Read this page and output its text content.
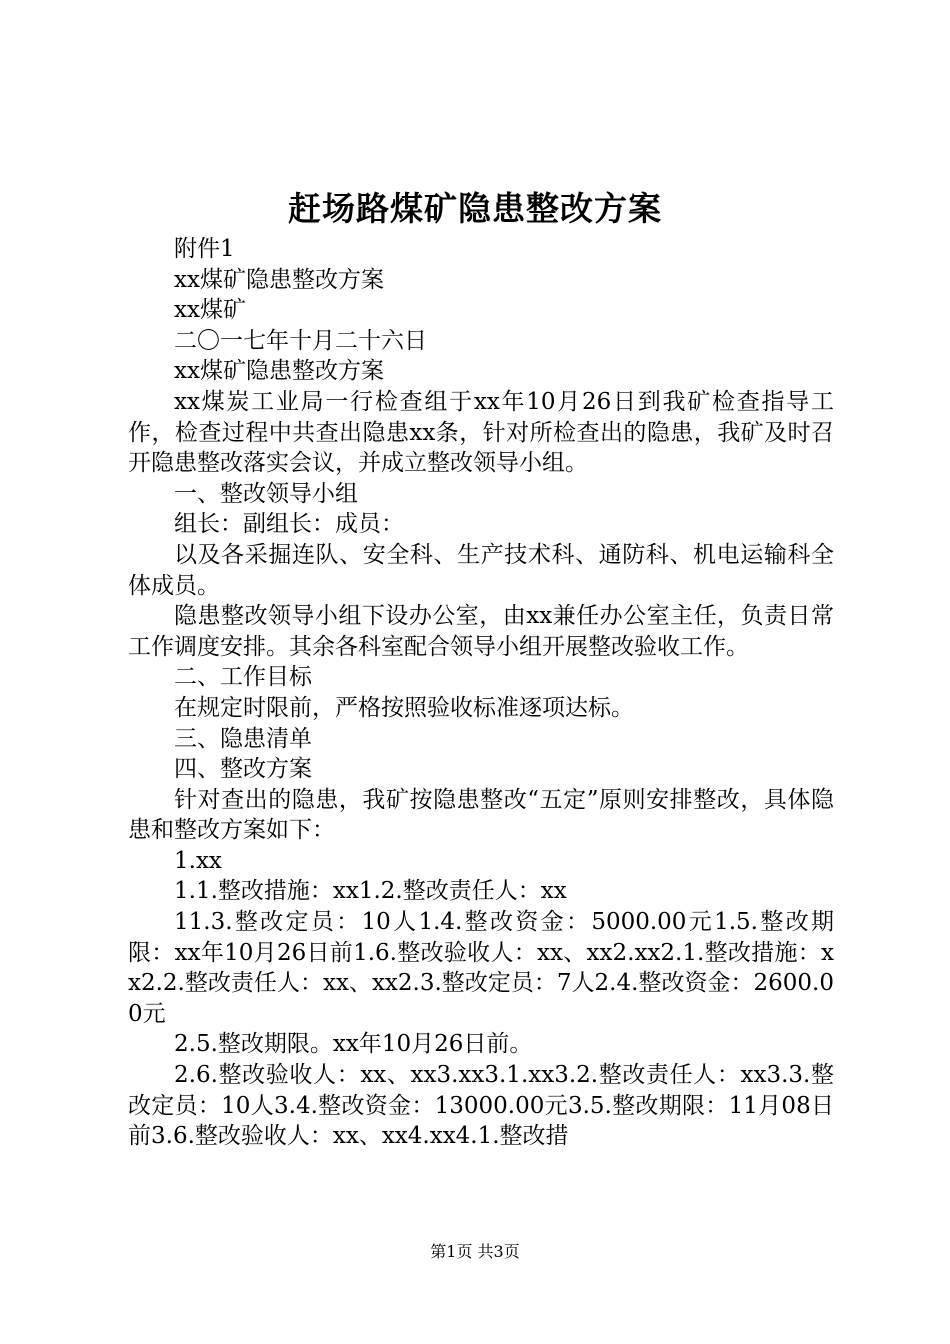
赶场路煤矿隐患整改方案

附件1

xx煤矿隐患整改方案

xx煤矿

二〇一七年十月二十六日

xx煤矿隐患整改方案

xx煤炭工业局一行检查组于xx年10月26日到我矿检查指导工作，检查过程中共查出隐患xx条，针对所检查出的隐患，我矿及时召开隐患整改落实会议，并成立整改领导小组。

一、整改领导小组

组长：副组长：成员：

以及各采掘连队、安全科、生产技术科、通防科、机电运输科全体成员。

隐患整改领导小组下设办公室，由xx兼任办公室主任，负责日常工作调度安排。其余各科室配合领导小组开展整改验收工作。

二、工作目标

在规定时限前，严格按照验收标准逐项达标。

三、隐患清单

四、整改方案

针对查出的隐患，我矿按隐患整改“五定”原则安排整改，具体隐患和整改方案如下：

1.xx

1.1.整改措施：xx1.2.整改责任人：xx

11.3.整改定员：10人1.4.整改资金：5000.00元1.5.整改期限：xx年10月26日前1.6.整改验收人：xx、xx2.xx2.1.整改措施：xx2.2.整改责任人：xx、xx2.3.整改定员：7人2.4.整改资金：2600.00元

2.5.整改期限。xx年10月26日前。

2.6.整改验收人：xx、xx3.xx3.1.xx3.2.整改责任人：xx3.3.整改定员：10人3.4.整改资金：13000.00元3.5.整改期限：11月08日前3.6.整改验收人：xx、xx4.xx4.1.整改措

第1页 共3页
